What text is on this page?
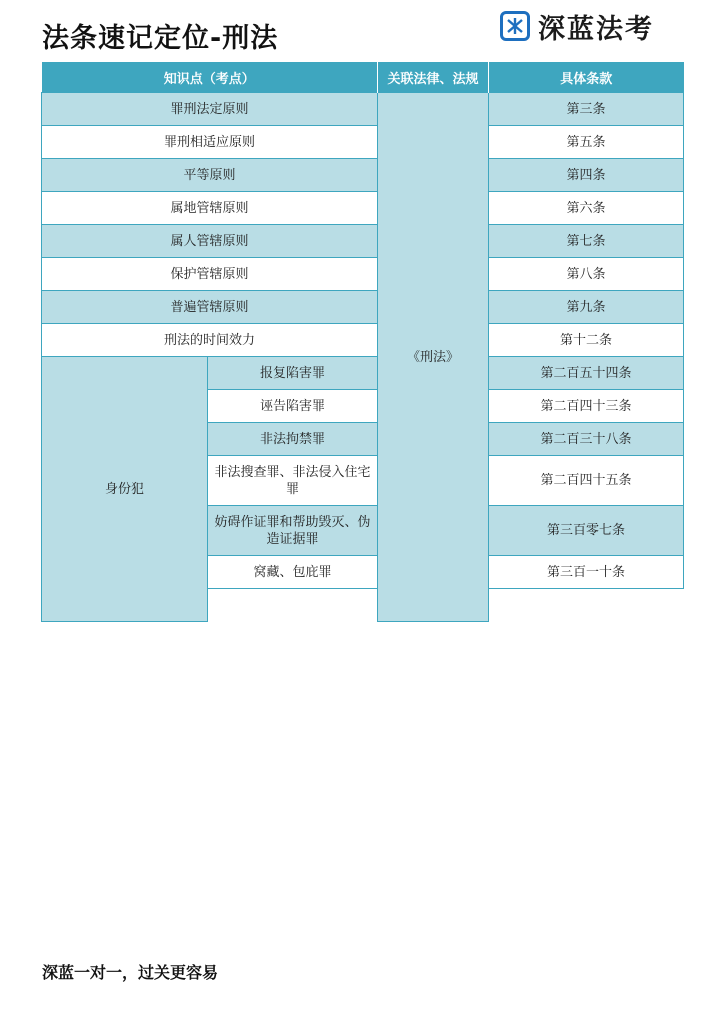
法条速记定位-刑法	深蓝法考
知识点（考点）		关联法律、法规	具体条款
罪刑法定原则		《刑法》	第三条
罪刑相适应原则			第五条
平等原则			第四条
属地管辖原则			第六条
属人管辖原则			第七条
保护管辖原则			第八条
普遍管辖原则			第九条
刑法的时间效力			第十二条
身份犯	报复陷害罪		第二百五十四条
	诬告陷害罪		第二百四十三条
	非法拘禁罪		第二百三十八条
	非法搜查罪、非法侵入住宅罪		第二百四十五条
	妨碍作证罪和帮助毁灭、伪造证据罪		第三百零七条
	窝藏、包庇罪		第三百一十条

深蓝一对一，过关更容易
